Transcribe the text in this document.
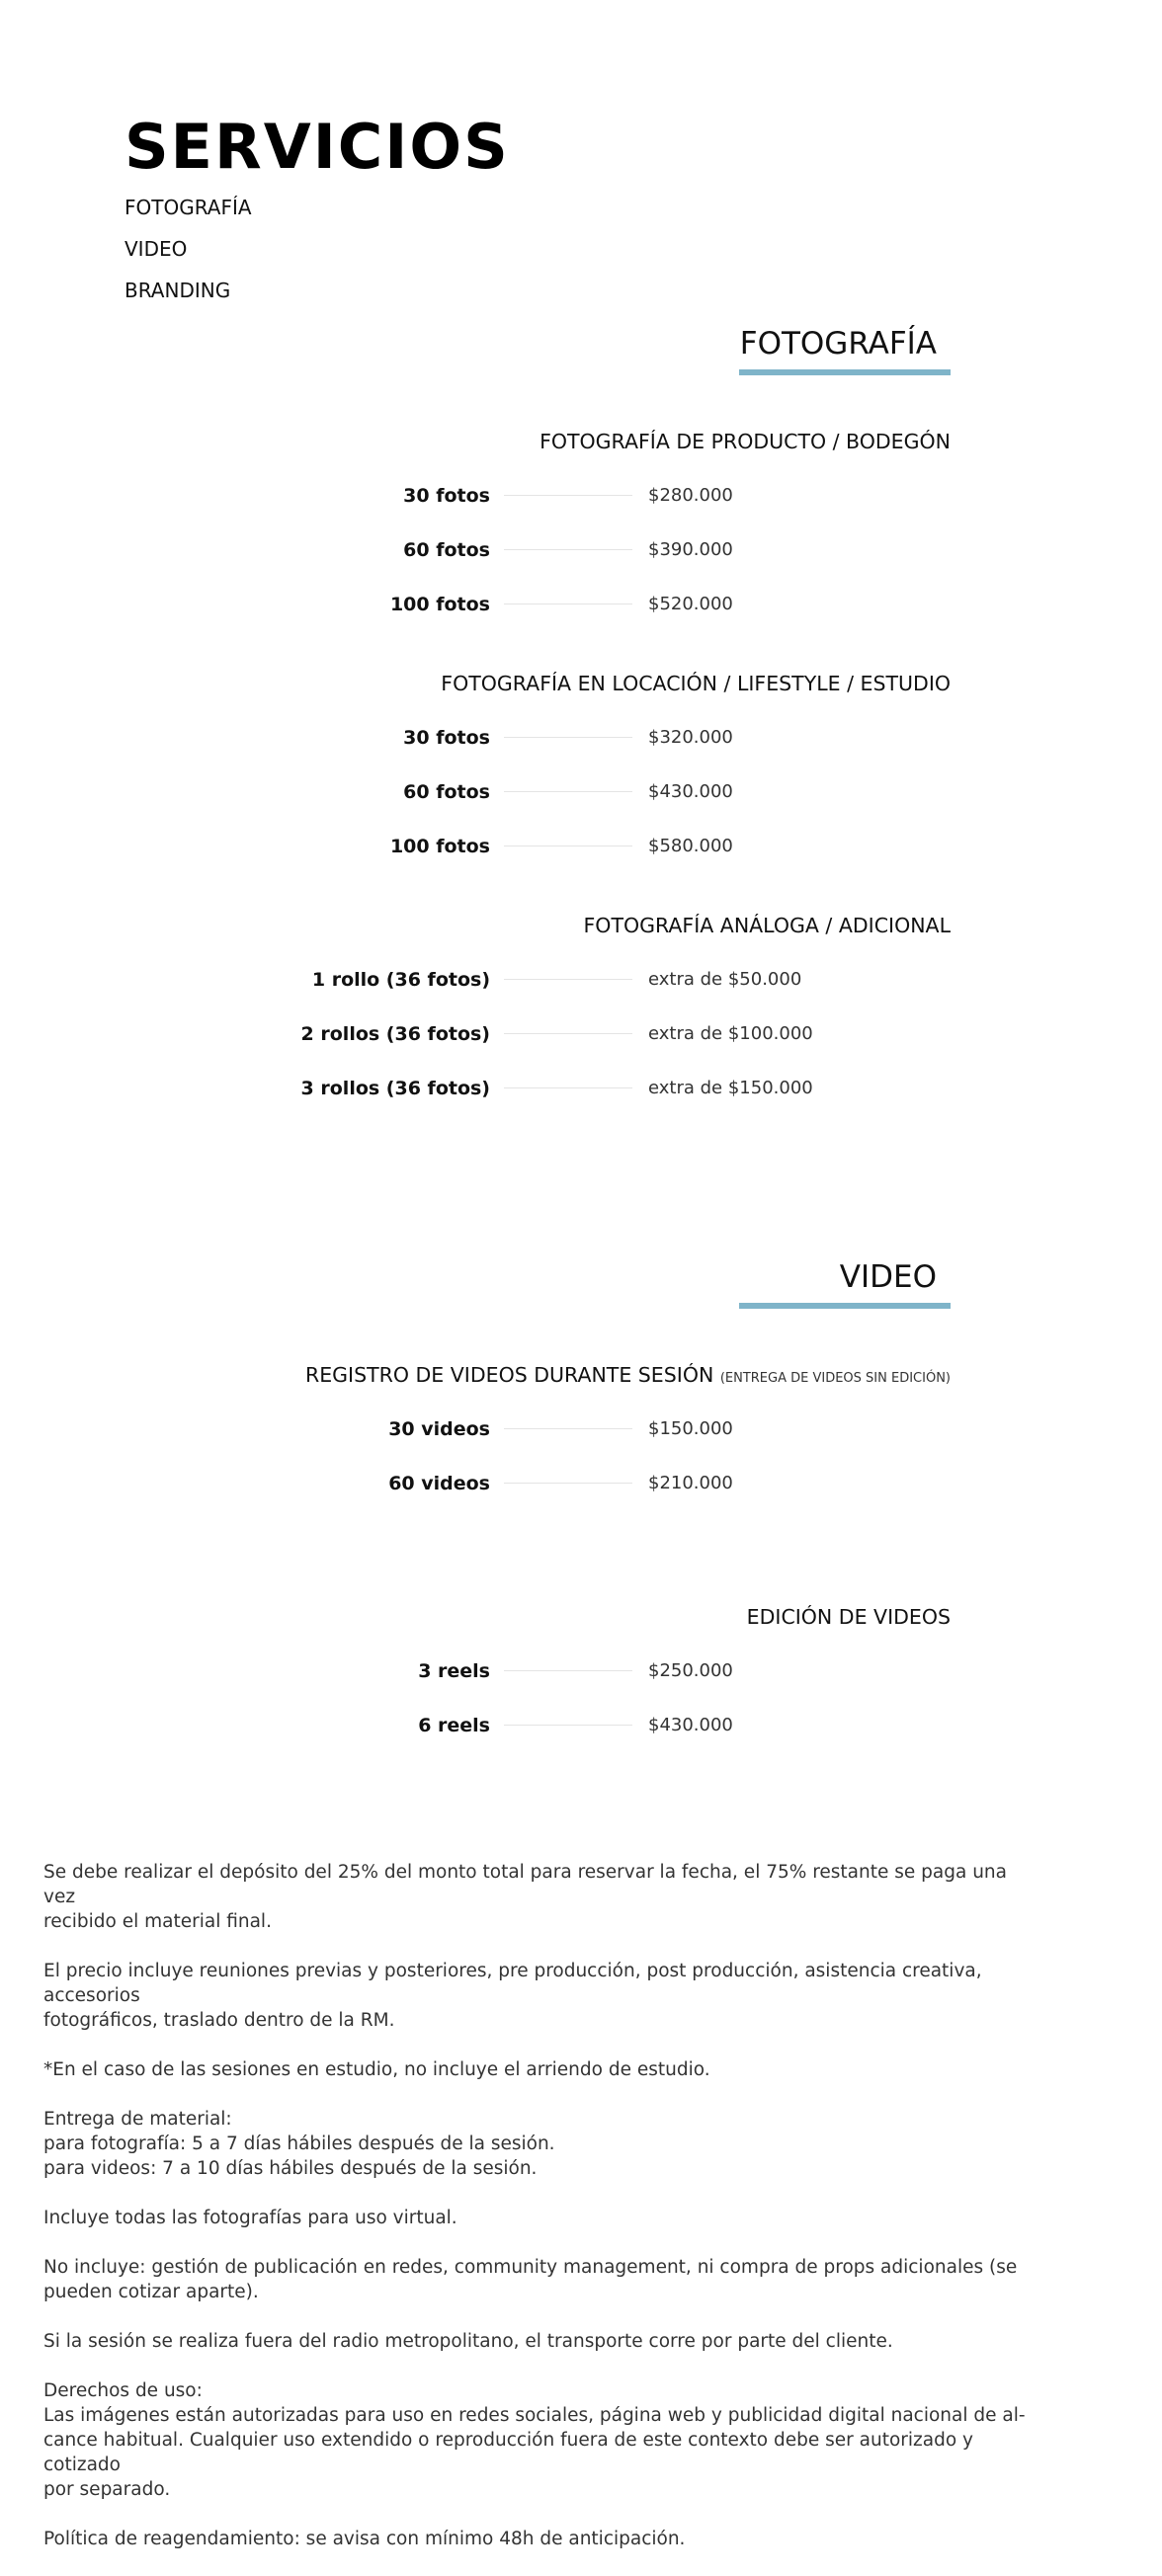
SERVICIOS
FOTOGRAFÍA
VIDEO
BRANDING
FOTOGRAFÍA
FOTOGRAFÍA DE PRODUCTO / BODEGÓN
30 fotos	$280.000
60 fotos	$390.000
100 fotos	$520.000
FOTOGRAFÍA EN LOCACIÓN / LIFESTYLE / ESTUDIO
30 fotos	$320.000
60 fotos	$430.000
100 fotos	$580.000
FOTOGRAFÍA ANÁLOGA / ADICIONAL
1 rollo (36 fotos)	extra de $50.000
2 rollos (36 fotos)	extra de $100.000
3 rollos (36 fotos)	extra de $150.000
VIDEO
REGISTRO DE VIDEOS DURANTE SESIÓN (ENTREGA DE VIDEOS SIN EDICIÓN)
30 videos	$150.000
60 videos	$210.000
EDICIÓN DE VIDEOS
3 reels	$250.000
6 reels	$430.000

Se debe realizar el depósito del 25% del monto total para reservar la fecha, el 75% restante se paga una vez
recibido el material final.

El precio incluye reuniones previas y posteriores, pre producción, post producción, asistencia creativa, accesorios
fotográficos, traslado dentro de la RM.

*En el caso de las sesiones en estudio, no incluye el arriendo de estudio.

Entrega de material:
para fotografía: 5 a 7 días hábiles después de la sesión.
para videos: 7 a 10 días hábiles después de la sesión.

Incluye todas las fotografías para uso virtual.

No incluye: gestión de publicación en redes, community management, ni compra de props adicionales (se
pueden cotizar aparte).

Si la sesión se realiza fuera del radio metropolitano, el transporte corre por parte del cliente.

Derechos de uso:
Las imágenes están autorizadas para uso en redes sociales, página web y publicidad digital nacional de al-
cance habitual. Cualquier uso extendido o reproducción fuera de este contexto debe ser autorizado y cotizado
por separado.

Política de reagendamiento: se avisa con mínimo 48h de anticipación.
